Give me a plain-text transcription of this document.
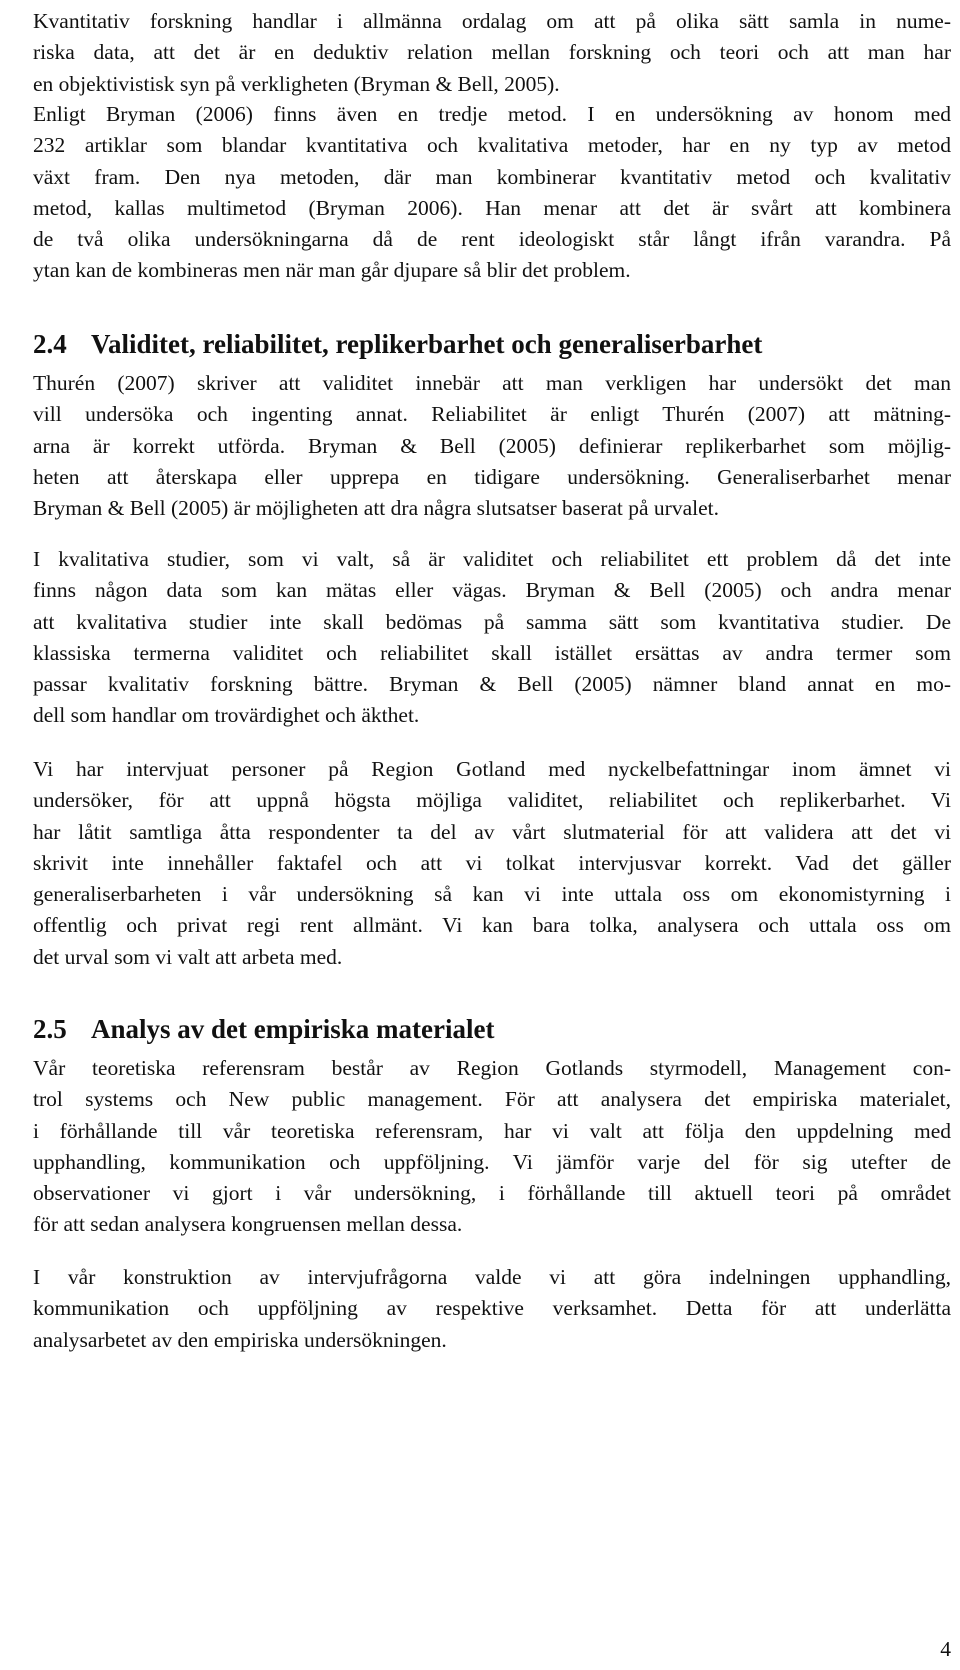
Kvantitativ forskning handlar i allmänna ordalag om att på olika sätt samla in nume-
riska data, att det är en deduktiv relation mellan forskning och teori och att man har
en objektivistisk syn på verkligheten (Bryman & Bell, 2005).
Enligt Bryman (2006) finns även en tredje metod. I en undersökning av honom med
232 artiklar som blandar kvantitativa och kvalitativa metoder, har en ny typ av metod
växt fram. Den nya metoden, där man kombinerar kvantitativ metod och kvalitativ
metod, kallas multimetod (Bryman 2006). Han menar att det är svårt att kombinera
de två olika undersökningarna då de rent ideologiskt står långt ifrån varandra. På
ytan kan de kombineras men när man går djupare så blir det problem.
2.4 Validitet, reliabilitet, replikerbarhet och generaliserbarhet
Thurén (2007) skriver att validitet innebär att man verkligen har undersökt det man
vill undersöka och ingenting annat. Reliabilitet är enligt Thurén (2007) att mätning-
arna är korrekt utförda. Bryman & Bell (2005) definierar replikerbarhet som möjlig-
heten att återskapa eller upprepa en tidigare undersökning. Generaliserbarhet menar
Bryman & Bell (2005) är möjligheten att dra några slutsatser baserat på urvalet.
I kvalitativa studier, som vi valt, så är validitet och reliabilitet ett problem då det inte
finns någon data som kan mätas eller vägas. Bryman & Bell (2005) och andra menar
att kvalitativa studier inte skall bedömas på samma sätt som kvantitativa studier. De
klassiska termerna validitet och reliabilitet skall istället ersättas av andra termer som
passar kvalitativ forskning bättre. Bryman & Bell (2005) nämner bland annat en mo-
dell som handlar om trovärdighet och äkthet.
Vi har intervjuat personer på Region Gotland med nyckelbefattningar inom ämnet vi
undersöker, för att uppnå högsta möjliga validitet, reliabilitet och replikerbarhet. Vi
har låtit samtliga åtta respondenter ta del av vårt slutmaterial för att validera att det vi
skrivit inte innehåller faktafel och att vi tolkat intervjusvar korrekt. Vad det gäller
generaliserbarheten i vår undersökning så kan vi inte uttala oss om ekonomistyrning i
offentlig och privat regi rent allmänt. Vi kan bara tolka, analysera och uttala oss om
det urval som vi valt att arbeta med.
2.5 Analys av det empiriska materialet
Vår teoretiska referensram består av Region Gotlands styrmodell, Management con-
trol systems och New public management. För att analysera det empiriska materialet,
i förhållande till vår teoretiska referensram, har vi valt att följa den uppdelning med
upphandling, kommunikation och uppföljning. Vi jämför varje del för sig utefter de
observationer vi gjort i vår undersökning, i förhållande till aktuell teori på området
för att sedan analysera kongruensen mellan dessa.
I vår konstruktion av intervjufrågorna valde vi att göra indelningen upphandling,
kommunikation och uppföljning av respektive verksamhet. Detta för att underlätta
analysarbetet av den empiriska undersökningen.
4
